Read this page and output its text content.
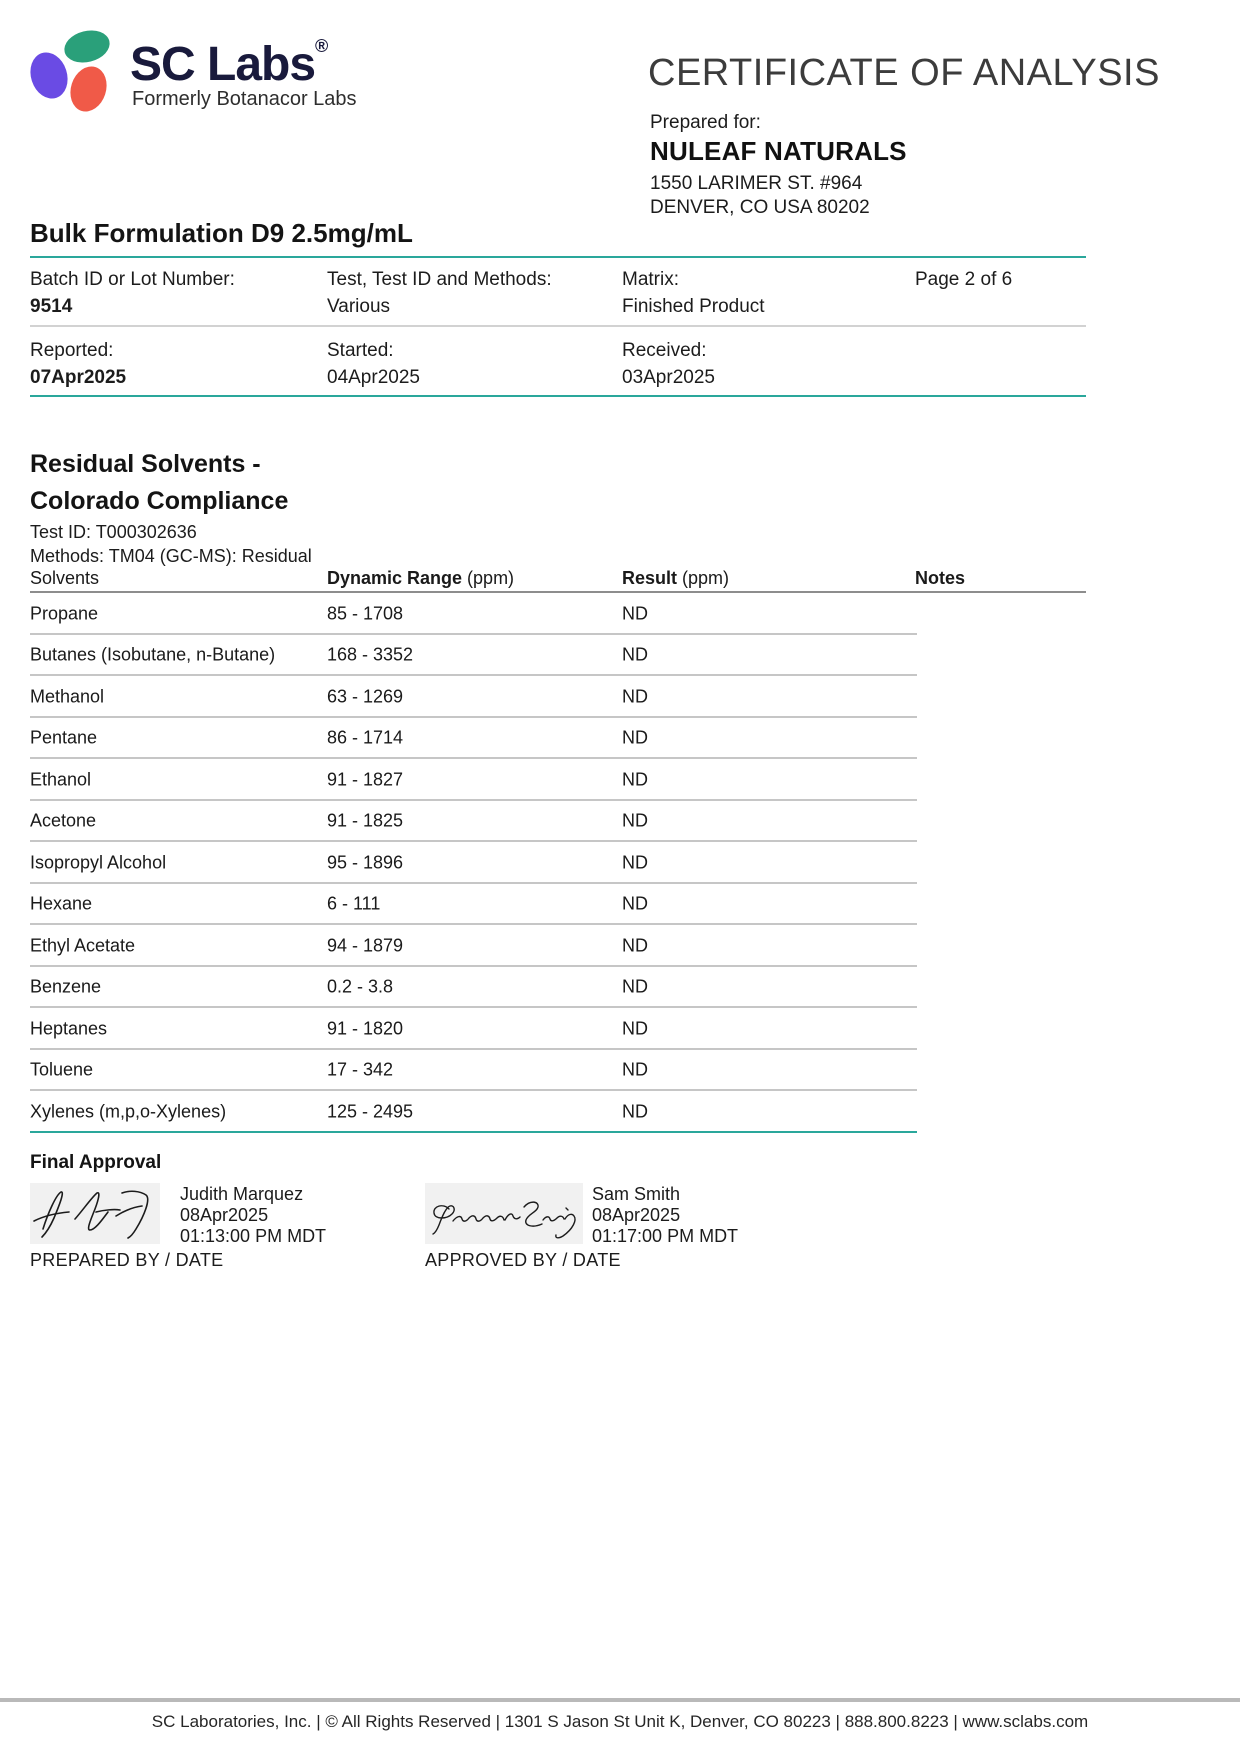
SC Labs®
Formerly Botanacor Labs
CERTIFICATE OF ANALYSIS
Prepared for:
NULEAF NATURALS
1550 LARIMER ST. #964
DENVER, CO USA 80202
Bulk Formulation D9 2.5mg/mL
Batch ID or Lot Number:
9514
Test, Test ID and Methods:
Various
Matrix:
Finished Product
Page 2 of 6
Reported:
07Apr2025
Started:
04Apr2025
Received:
03Apr2025
Residual Solvents -
Colorado Compliance
Test ID: T000302636
Methods: TM04 (GC-MS): Residual
Solvents	Dynamic Range (ppm)	Result (ppm)	Notes
Propane	85 - 1708	ND
Butanes (Isobutane, n-Butane)	168 - 3352	ND
Methanol	63 - 1269	ND
Pentane	86 - 1714	ND
Ethanol	91 - 1827	ND
Acetone	91 - 1825	ND
Isopropyl Alcohol	95 - 1896	ND
Hexane	6 - 111	ND
Ethyl Acetate	94 - 1879	ND
Benzene	0.2 - 3.8	ND
Heptanes	91 - 1820	ND
Toluene	17 - 342	ND
Xylenes (m,p,o-Xylenes)	125 - 2495	ND
Final Approval
Judith Marquez
08Apr2025
01:13:00 PM MDT
PREPARED BY / DATE
Sam Smith
08Apr2025
01:17:00 PM MDT
APPROVED BY / DATE
SC Laboratories, Inc. | © All Rights Reserved | 1301 S Jason St Unit K, Denver, CO 80223 | 888.800.8223 | www.sclabs.com
